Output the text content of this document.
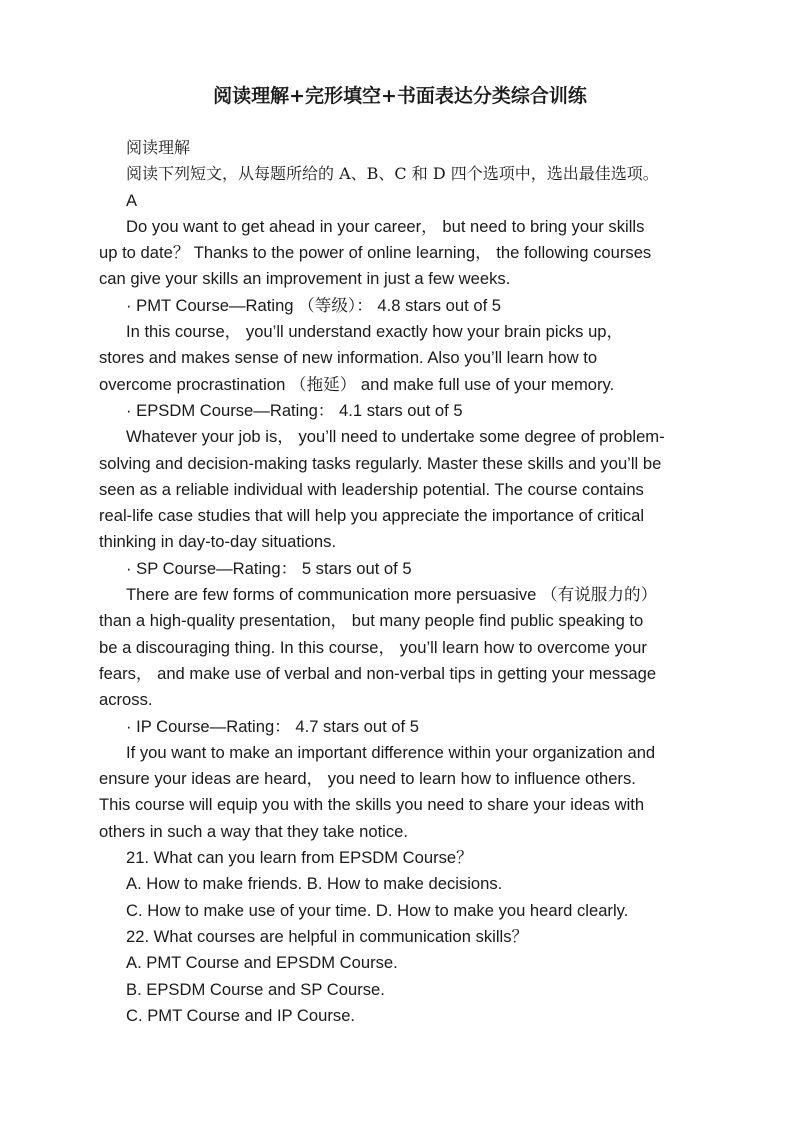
阅读理解+完形填空+书面表达分类综合训练
阅读理解
阅读下列短文，从每题所给的 A、B、C 和 D 四个选项中，选出最佳选项。
A
Do you want to get ahead in your career， but need to bring your skills
up to date？ Thanks to the power of online learning， the following courses
can give your skills an improvement in just a few weeks.
· PMT Course—Rating （等级）： 4.8 stars out of 5
In this course， you’ll understand exactly how your brain picks up，
stores and makes sense of new information. Also you’ll learn how to
overcome procrastination （拖延） and make full use of your memory.
· EPSDM Course—Rating： 4.1 stars out of 5
Whatever your job is， you’ll need to undertake some degree of problem-
solving and decision-making tasks regularly. Master these skills and you’ll be
seen as a reliable individual with leadership potential. The course contains
real-life case studies that will help you appreciate the importance of critical
thinking in day-to-day situations.
· SP Course—Rating： 5 stars out of 5
There are few forms of communication more persuasive （有说服力的）
than a high-quality presentation， but many people find public speaking to
be a discouraging thing. In this course， you’ll learn how to overcome your
fears， and make use of verbal and non-verbal tips in getting your message
across.
· IP Course—Rating： 4.7 stars out of 5
If you want to make an important difference within your organization and
ensure your ideas are heard， you need to learn how to influence others.
This course will equip you with the skills you need to share your ideas with
others in such a way that they take notice.
21. What can you learn from EPSDM Course？
A. How to make friends. B. How to make decisions.
C. How to make use of your time. D. How to make you heard clearly.
22. What courses are helpful in communication skills？
A. PMT Course and EPSDM Course.
B. EPSDM Course and SP Course.
C. PMT Course and IP Course.
